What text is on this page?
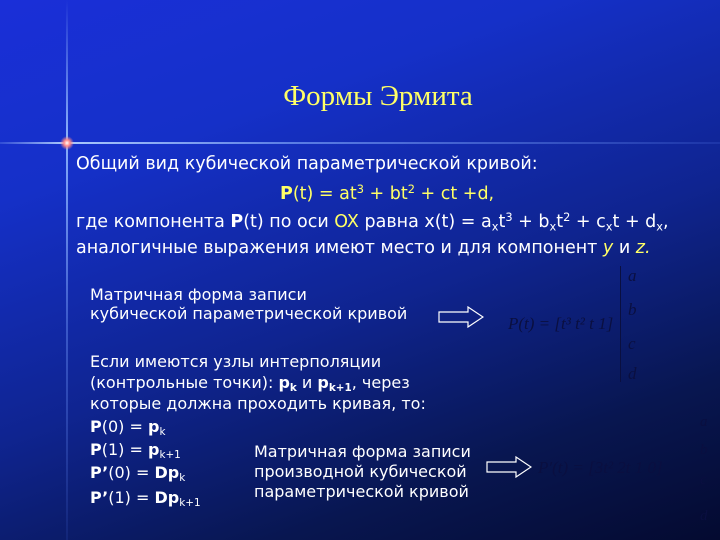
Формы Эрмита
Общий вид кубической параметрической кривой:
$P(t) = at^3 + bt^2$ + ct +d,
где компонента P(t) по оси OX равна $x(t) = a_xt^3 + b_xt^2 + c_xt + d_x$,
аналогичные выражения имеют место и для компонент y и z.
Матричная форма записи
кубической параметрической кривой
P(t) = [t³ t² t 1]
a
b
c
d
Если имеются узлы интерполяции
(контрольные точки): $p_k$ и $p_{k+1}$, через
которые должна проходить кривая, то:
$P(0) = p_k$
$P(1) = p_{k+1}$
P’(0) = $Dp_k$
P’(1) = $Dp_{k+1}$
Матричная форма записи
производной кубической
параметрической кривой
P′(t) = [3t² 2t 1 0]
a
b
c
d
